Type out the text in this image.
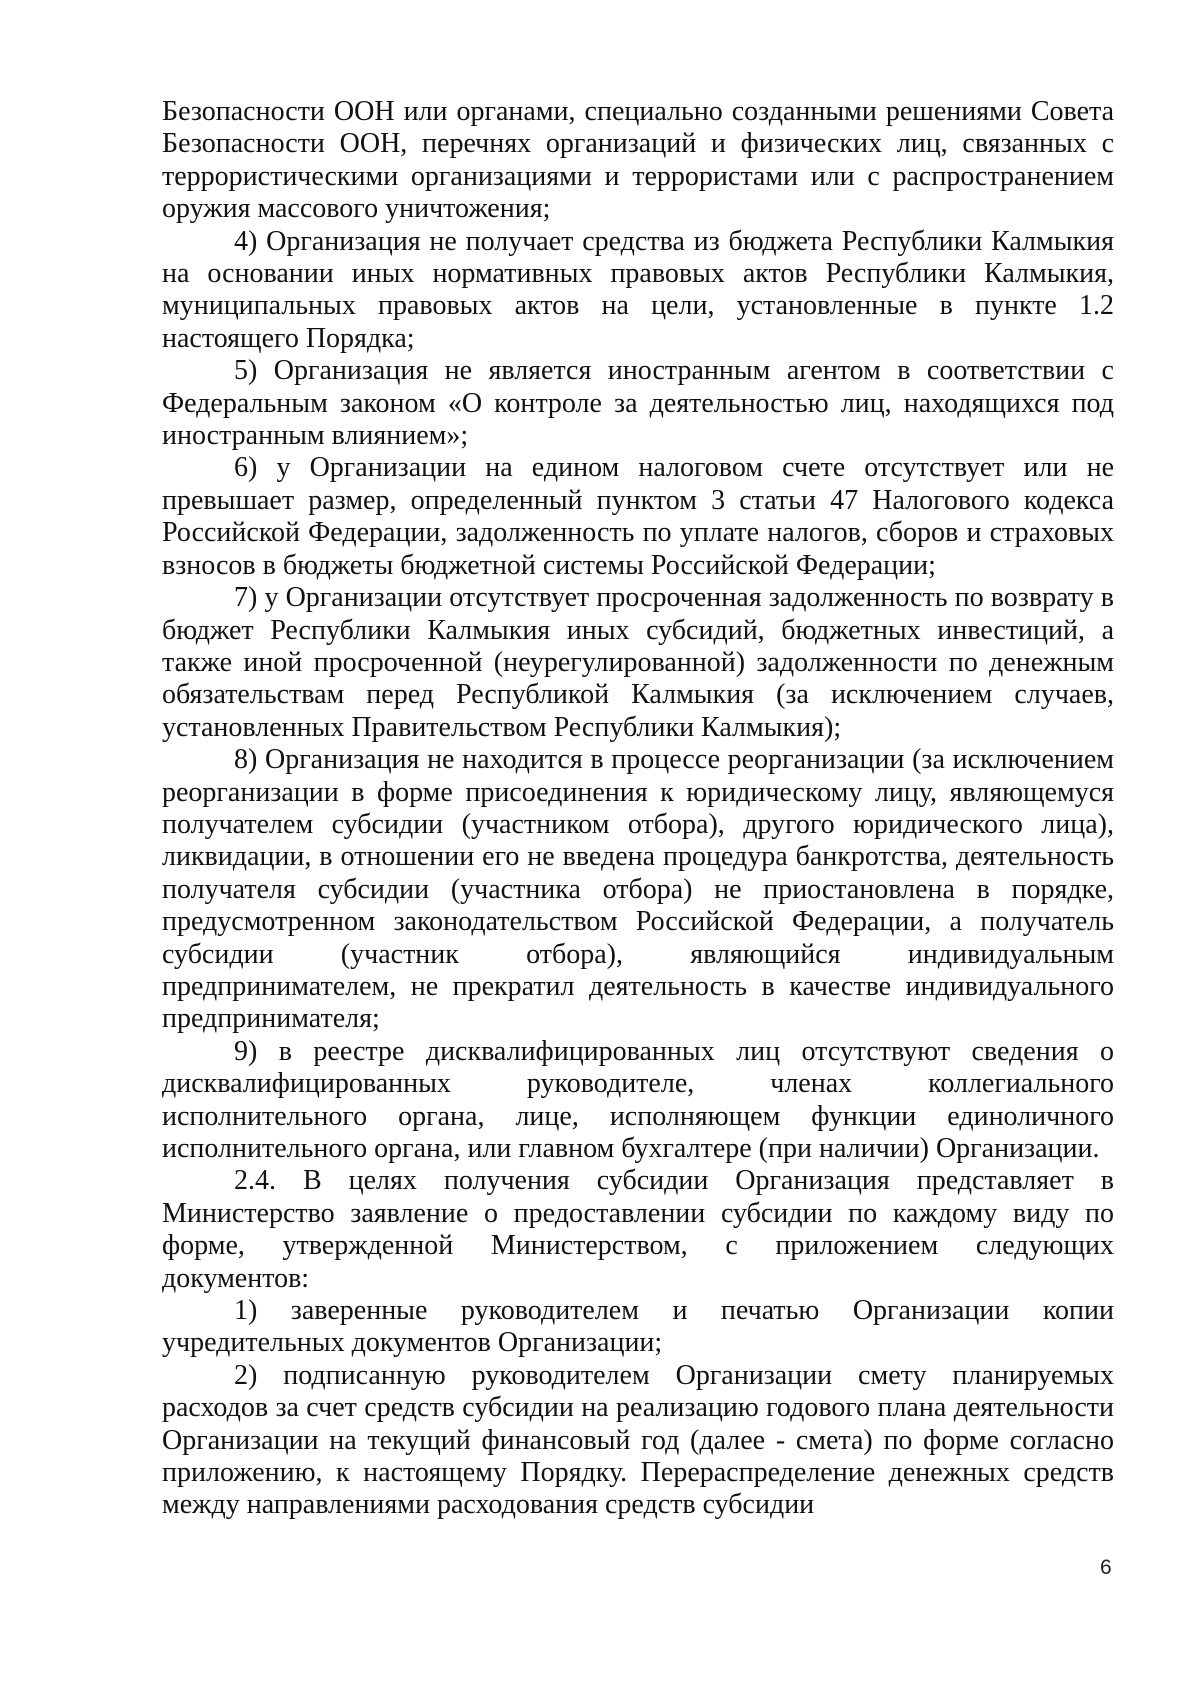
Безопасности ООН или органами, специально созданными решениями Совета Безопасности ООН, перечнях организаций и физических лиц, связанных с террористическими организациями и террористами или с распространением оружия массового уничтожения;

4) Организация не получает средства из бюджета Республики Калмыкия на основании иных нормативных правовых актов Республики Калмыкия, муниципальных правовых актов на цели, установленные в пункте 1.2 настоящего Порядка;

5) Организация не является иностранным агентом в соответствии с Федеральным законом «О контроле за деятельностью лиц, находящихся под иностранным влиянием»;

6) у Организации на едином налоговом счете отсутствует или не превышает размер, определенный пунктом 3 статьи 47 Налогового кодекса Российской Федерации, задолженность по уплате налогов, сборов и страховых взносов в бюджеты бюджетной системы Российской Федерации;

7) у Организации отсутствует просроченная задолженность по возврату в бюджет Республики Калмыкия иных субсидий, бюджетных инвестиций, а также иной просроченной (неурегулированной) задолженности по денежным обязательствам перед Республикой Калмыкия (за исключением случаев, установленных Правительством Республики Калмыкия);

8) Организация не находится в процессе реорганизации (за исключением реорганизации в форме присоединения к юридическому лицу, являющемуся получателем субсидии (участником отбора), другого юридического лица), ликвидации, в отношении его не введена процедура банкротства, деятельность получателя субсидии (участника отбора) не приостановлена в порядке, предусмотренном законодательством Российской Федерации, а получатель субсидии (участник отбора), являющийся индивидуальным предпринимателем, не прекратил деятельность в качестве индивидуального предпринимателя;

9) в реестре дисквалифицированных лиц отсутствуют сведения о дисквалифицированных руководителе, членах коллегиального исполнительного органа, лице, исполняющем функции единоличного исполнительного органа, или главном бухгалтере (при наличии) Организации.

2.4. В целях получения субсидии Организация представляет в Министерство заявление о предоставлении субсидии по каждому виду по форме, утвержденной Министерством, с приложением следующих документов:

1) заверенные руководителем и печатью Организации копии учредительных документов Организации;

2) подписанную руководителем Организации смету планируемых расходов за счет средств субсидии на реализацию годового плана деятельности Организации на текущий финансовый год (далее - смета) по форме согласно приложению, к настоящему Порядку. Перераспределение денежных средств между направлениями расходования средств субсидии

6
